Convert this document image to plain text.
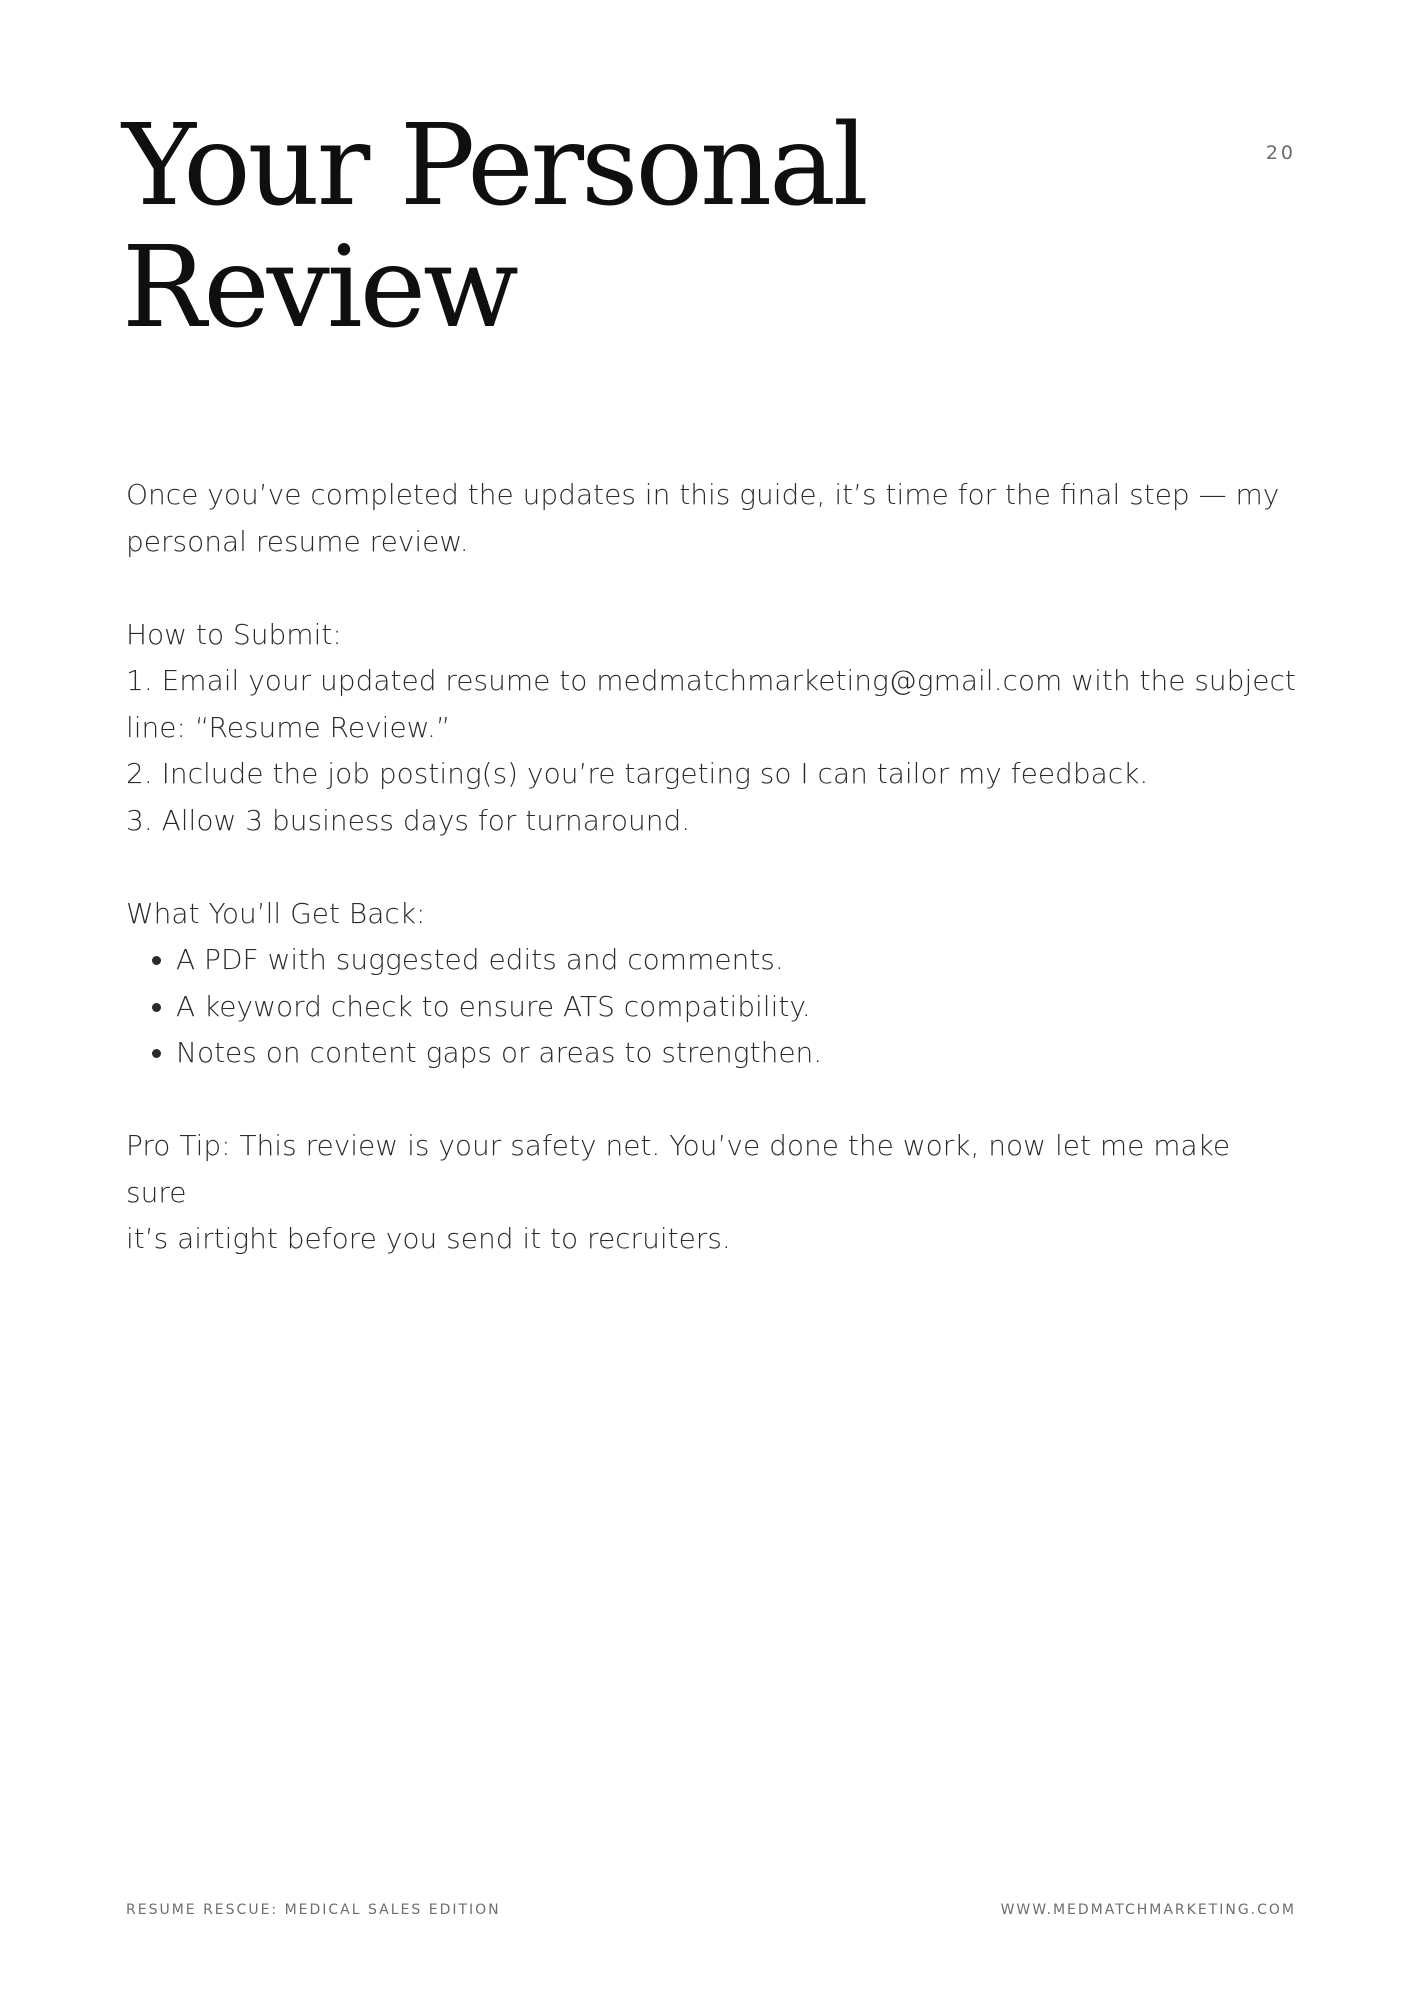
20
Your Personal
Review

Once you’ve completed the updates in this guide, it’s time for the final step — my
personal resume review.

How to Submit:

1. Email your updated resume to medmatchmarketing@gmail.com with the subject
line: “Resume Review.”

2. Include the job posting(s) you’re targeting so I can tailor my feedback.

3. Allow 3 business days for turnaround.

What You’ll Get Back:

• A PDF with suggested edits and comments.
• A keyword check to ensure ATS compatibility.
• Notes on content gaps or areas to strengthen.

Pro Tip: This review is your safety net. You’ve done the work, now let me make sure
it’s airtight before you send it to recruiters.

RESUME RESCUE: MEDICAL SALES EDITION	WWW.MEDMATCHMARKETING.COM
